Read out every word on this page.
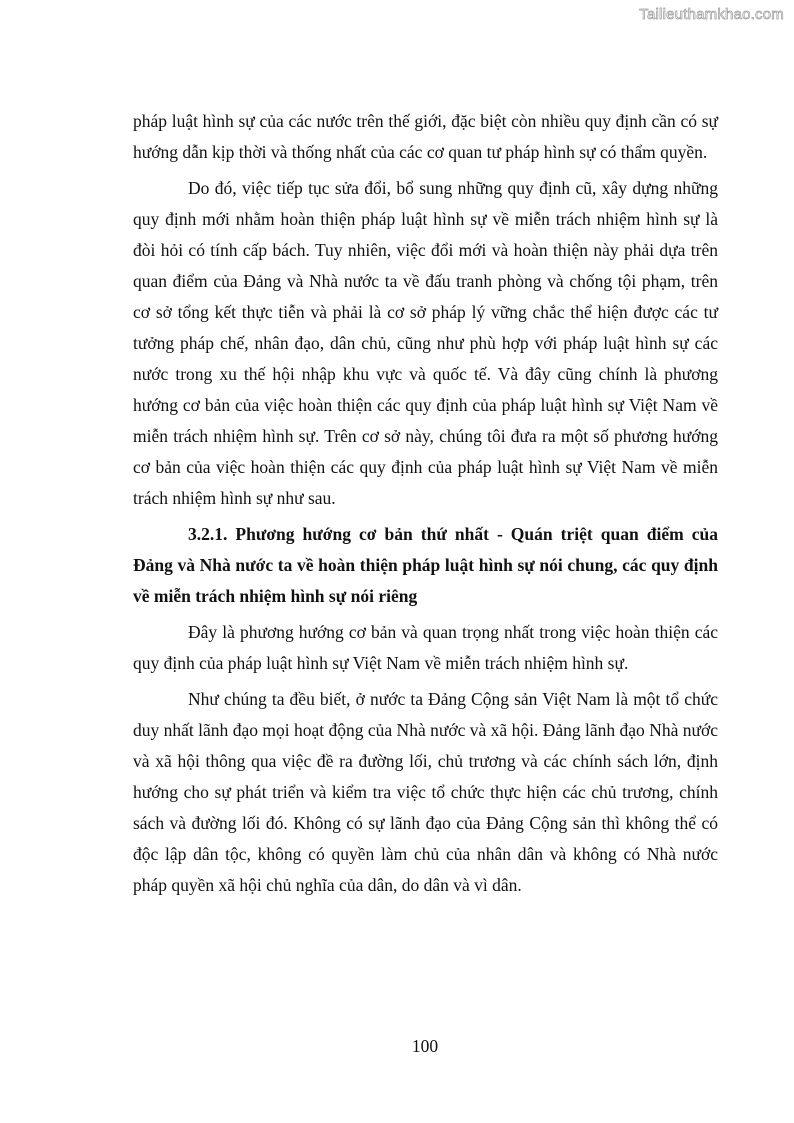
Tailieuthamkhao.com

pháp luật hình sự của các nước trên thế giới, đặc biệt còn nhiều quy định cần có sự hướng dẫn kịp thời và thống nhất của các cơ quan tư pháp hình sự có thẩm quyền.

Do đó, việc tiếp tục sửa đổi, bổ sung những quy định cũ, xây dựng những quy định mới nhằm hoàn thiện pháp luật hình sự về miễn trách nhiệm hình sự là đòi hỏi có tính cấp bách. Tuy nhiên, việc đổi mới và hoàn thiện này phải dựa trên quan điểm của Đảng và Nhà nước ta về đấu tranh phòng và chống tội phạm, trên cơ sở tổng kết thực tiễn và phải là cơ sở pháp lý vững chắc thể hiện được các tư tưởng pháp chế, nhân đạo, dân chủ, cũng như phù hợp với pháp luật hình sự các nước trong xu thế hội nhập khu vực và quốc tế. Và đây cũng chính là phương hướng cơ bản của việc hoàn thiện các quy định của pháp luật hình sự Việt Nam về miễn trách nhiệm hình sự. Trên cơ sở này, chúng tôi đưa ra một số phương hướng cơ bản của việc hoàn thiện các quy định của pháp luật hình sự Việt Nam về miễn trách nhiệm hình sự như sau.

3.2.1. Phương hướng cơ bản thứ nhất - Quán triệt quan điểm của Đảng và Nhà nước ta về hoàn thiện pháp luật hình sự nói chung, các quy định về miễn trách nhiệm hình sự nói riêng

Đây là phương hướng cơ bản và quan trọng nhất trong việc hoàn thiện các quy định của pháp luật hình sự Việt Nam về miễn trách nhiệm hình sự.

Như chúng ta đều biết, ở nước ta Đảng Cộng sản Việt Nam là một tổ chức duy nhất lãnh đạo mọi hoạt động của Nhà nước và xã hội. Đảng lãnh đạo Nhà nước và xã hội thông qua việc đề ra đường lối, chủ trương và các chính sách lớn, định hướng cho sự phát triển và kiểm tra việc tổ chức thực hiện các chủ trương, chính sách và đường lối đó. Không có sự lãnh đạo của Đảng Cộng sản thì không thể có độc lập dân tộc, không có quyền làm chủ của nhân dân và không có Nhà nước pháp quyền xã hội chủ nghĩa của dân, do dân và vì dân.

100
